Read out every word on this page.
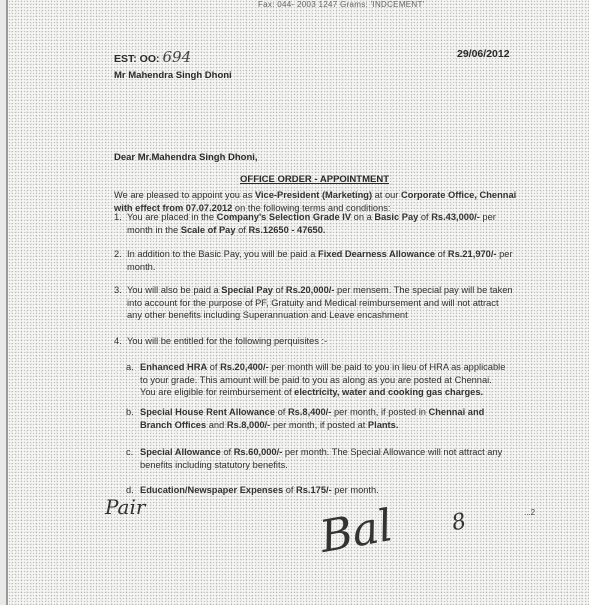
Fax: 044- 2003 1247 Grams: 'INDCEMENT'
EST: OO: 694	29/06/2012
Mr Mahendra Singh Dhoni
Dear Mr.Mahendra Singh Dhoni,
OFFICE ORDER - APPOINTMENT
We are pleased to appoint you as Vice-President (Marketing) at our Corporate Office, Chennai
with effect from 07.07.2012 on the following terms and conditions:
1. You are placed in the Company's Selection Grade IV on a Basic Pay of Rs.43,000/- per
month in the Scale of Pay of Rs.12650 - 47650.
2. In addition to the Basic Pay, you will be paid a Fixed Dearness Allowance of Rs.21,970/- per
month.
3. You will also be paid a Special Pay of Rs.20,000/- per mensem. The special pay will be taken
into account for the purpose of PF, Gratuity and Medical reimbursement and will not attract
any other benefits including Superannuation and Leave encashment
4. You will be entitled for the following perquisites :-
a. Enhanced HRA of Rs.20,400/- per month will be paid to you in lieu of HRA as applicable
to your grade. This amount will be paid to you as along as you are posted at Chennai.
You are eligible for reimbursement of electricity, water and cooking gas charges.
b. Special House Rent Allowance of Rs.8,400/- per month, if posted in Chennai and
Branch Offices and Rs.8,000/- per month, if posted at Plants.
c. Special Allowance of Rs.60,000/- per month. The Special Allowance will not attract any
benefits including statutory benefits.
d. Education/Newspaper Expenses of Rs.175/- per month.
Pair	Bal 8	...2
